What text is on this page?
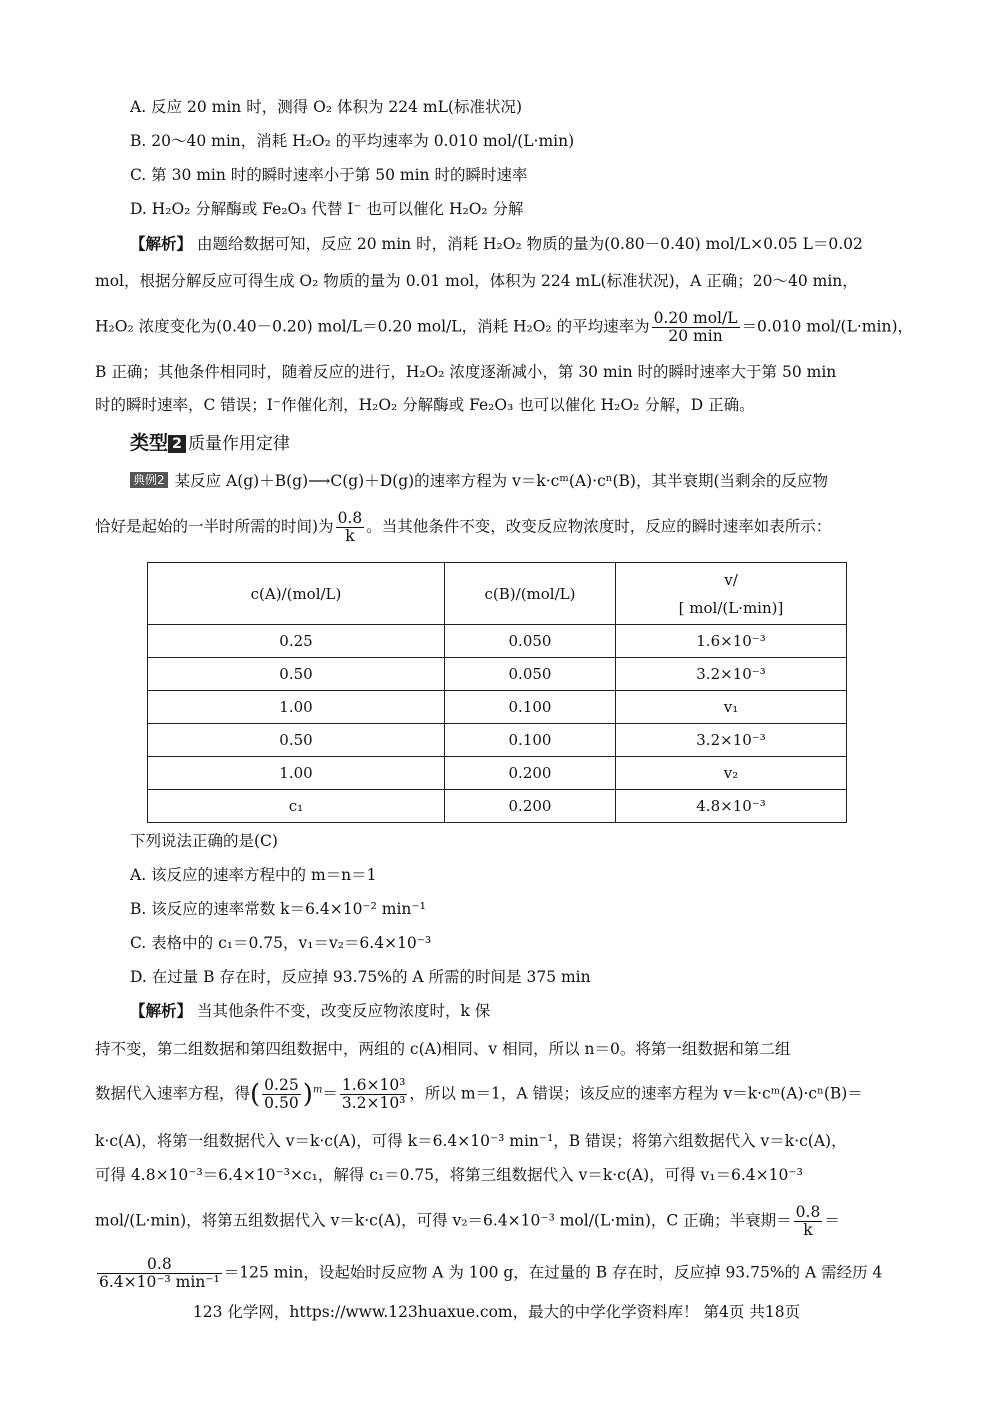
A. 反应 20 min 时，测得 O₂ 体积为 224 mL(标准状况)
B. 20～40 min，消耗 H₂O₂ 的平均速率为 0.010 mol/(L·min)
C. 第 30 min 时的瞬时速率小于第 50 min 时的瞬时速率
D. H₂O₂ 分解酶或 Fe₂O₃ 代替 I⁻ 也可以催化 H₂O₂ 分解
【解析】 由题给数据可知，反应 20 min 时，消耗 H₂O₂ 物质的量为(0.80－0.40) mol/L×0.05 L＝0.02
mol，根据分解反应可得生成 O₂ 物质的量为 0.01 mol，体积为 224 mL(标准状况)，A 正确；20～40 min，
H₂O₂ 浓度变化为(0.40－0.20) mol/L＝0.20 mol/L，消耗 H₂O₂ 的平均速率为 $\frac{\text{0.20 mol/L}}{20 \min} =0.010$ mol/(L·min)，
B 正确；其他条件相同时，随着反应的进行，H₂O₂ 浓度逐渐减小，第 30 min 时的瞬时速率大于第 50 min
时的瞬时速率，C 错误；I⁻作催化剂，H₂O₂ 分解酶或 Fe₂O₃ 也可以催化 H₂O₂ 分解，D 正确。
类型 2 质量作用定律
典例2 某反应 A(g)＋B(g)⟶C(g)＋D(g)的速率方程为 v＝k·cᵐ(A)·cⁿ(B)，其半衰期(当剩余的反应物
恰好是起始的一半时所需的时间)为 $\frac{0.8}{k}$ 。当其他条件不变，改变反应物浓度时，反应的瞬时速率如表所示：
c(A)/(mol/L)	c(B)/(mol/L)	v/
[ mol/(L·min)]

0.25	0.050	1.6×10⁻³
0.50	0.050	3.2×10⁻³
1.00	0.100	v₁
0.50	0.100	3.2×10⁻³
1.00	0.200	v₂
c₁	0.200	4.8×10⁻³
下列说法正确的是(C)
A. 该反应的速率方程中的 m＝n＝1
B. 该反应的速率常数 k＝6.4×10⁻² min⁻¹
C. 表格中的 c₁＝0.75，v₁＝v₂＝6.4×10⁻³
D. 在过量 B 存在时，反应掉 93.75%的 A 所需的时间是 375 min
【解析】 当其他条件不变，改变反应物浓度时，k 保
持不变，第二组数据和第四组数据中，两组的 c(A)相同、v 相同，所以 n＝0。将第一组数据和第二组
数据代入速率方程，得( $\frac{0.25}{0.50} )^m= \frac{\text{1.6×10³}}{\text{3.2×10³}}$ ，所以 m＝1，A 错误；该反应的速率方程为 v＝k·cᵐ(A)·cⁿ(B)＝
k·c(A)，将第一组数据代入 v＝k·c(A)，可得 k＝6.4×10⁻³ min⁻¹，B 错误；将第六组数据代入 v＝k·c(A)，
可得 4.8×10⁻³＝6.4×10⁻³×c₁，解得 c₁＝0.75，将第三组数据代入 v＝k·c(A)，可得 v₁＝6.4×10⁻³
mol/(L·min)，将第五组数据代入 v＝k·c(A)，可得 v₂＝6.4×10⁻³ mol/(L·min)，C 正确；半衰期＝ $\frac{0.8}{k}$ ＝
$\frac{0.8}{\text{6.4×10⁻³ min⁻¹}} =125$ min，设起始时反应物 A 为 100 g，在过量的 B 存在时，反应掉 93.75%的 A 需经历 4
123 化学网，https://www.123huaxue.com，最大的中学化学资料库！ 第4页 共18页
